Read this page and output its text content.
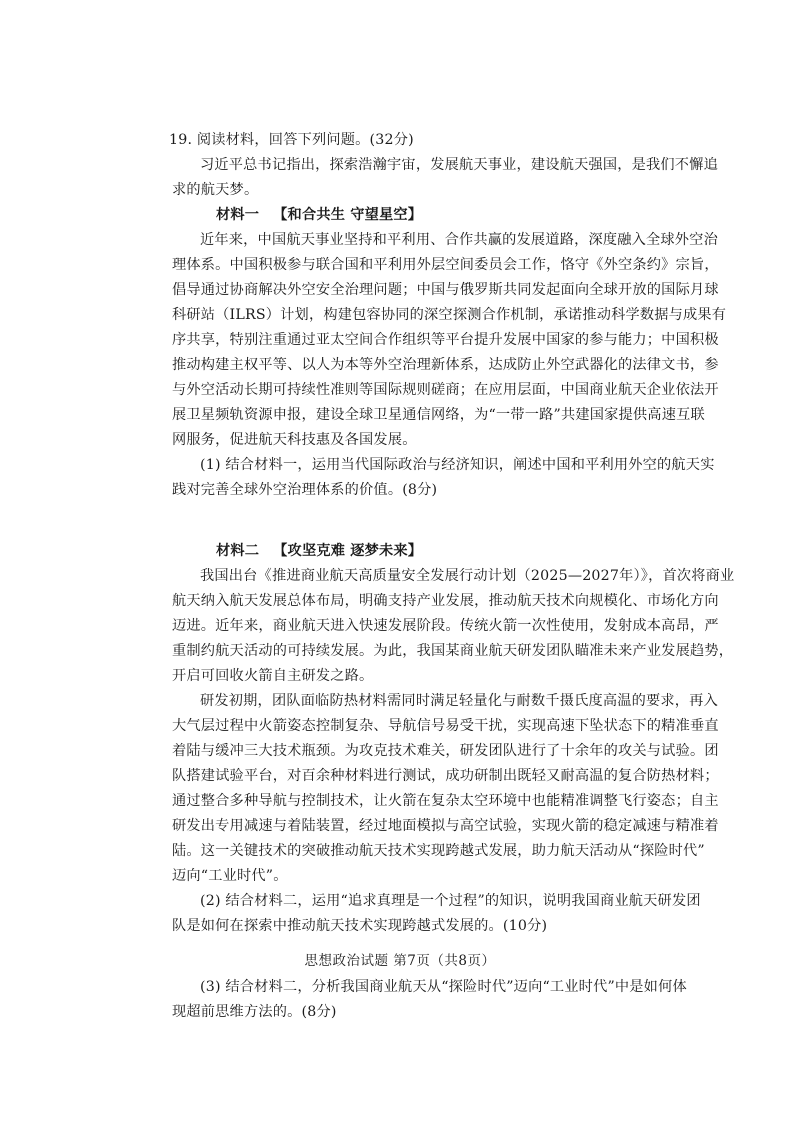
19. 阅读材料，回答下列问题。(32分)
习近平总书记指出，探索浩瀚宇宙，发展航天事业，建设航天强国，是我们不懈追
求的航天梦。
材料一 【和合共生 守望星空】
近年来，中国航天事业坚持和平利用、合作共赢的发展道路，深度融入全球外空治
理体系。中国积极参与联合国和平利用外层空间委员会工作，恪守《外空条约》宗旨，
倡导通过协商解决外空安全治理问题；中国与俄罗斯共同发起面向全球开放的国际月球
科研站（ILRS）计划，构建包容协同的深空探测合作机制，承诺推动科学数据与成果有
序共享，特别注重通过亚太空间合作组织等平台提升发展中国家的参与能力；中国积极
推动构建主权平等、以人为本等外空治理新体系，达成防止外空武器化的法律文书，参
与外空活动长期可持续性准则等国际规则磋商；在应用层面，中国商业航天企业依法开
展卫星频轨资源申报，建设全球卫星通信网络，为“一带一路”共建国家提供高速互联
网服务，促进航天科技惠及各国发展。
(1) 结合材料一，运用当代国际政治与经济知识，阐述中国和平利用外空的航天实
践对完善全球外空治理体系的价值。(8分)
材料二 【攻坚克难 逐梦未来】
我国出台《推进商业航天高质量安全发展行动计划（2025—2027年）》，首次将商业
航天纳入航天发展总体布局，明确支持产业发展，推动航天技术向规模化、市场化方向
迈进。近年来，商业航天进入快速发展阶段。传统火箭一次性使用，发射成本高昂，严
重制约航天活动的可持续发展。为此，我国某商业航天研发团队瞄准未来产业发展趋势，
开启可回收火箭自主研发之路。
研发初期，团队面临防热材料需同时满足轻量化与耐数千摄氏度高温的要求，再入
大气层过程中火箭姿态控制复杂、导航信号易受干扰，实现高速下坠状态下的精准垂直
着陆与缓冲三大技术瓶颈。为攻克技术难关，研发团队进行了十余年的攻关与试验。团
队搭建试验平台，对百余种材料进行测试，成功研制出既轻又耐高温的复合防热材料；
通过整合多种导航与控制技术，让火箭在复杂太空环境中也能精准调整飞行姿态；自主
研发出专用减速与着陆装置，经过地面模拟与高空试验，实现火箭的稳定减速与精准着
陆。这一关键技术的突破推动航天技术实现跨越式发展，助力航天活动从“探险时代”
迈向“工业时代”。
(2) 结合材料二，运用“追求真理是一个过程”的知识，说明我国商业航天研发团
队是如何在探索中推动航天技术实现跨越式发展的。(10分)
(3) 结合材料二，分析我国商业航天从“探险时代”迈向“工业时代”中是如何体
现超前思维方法的。(8分)
思想政治试题 第7页（共8页）
